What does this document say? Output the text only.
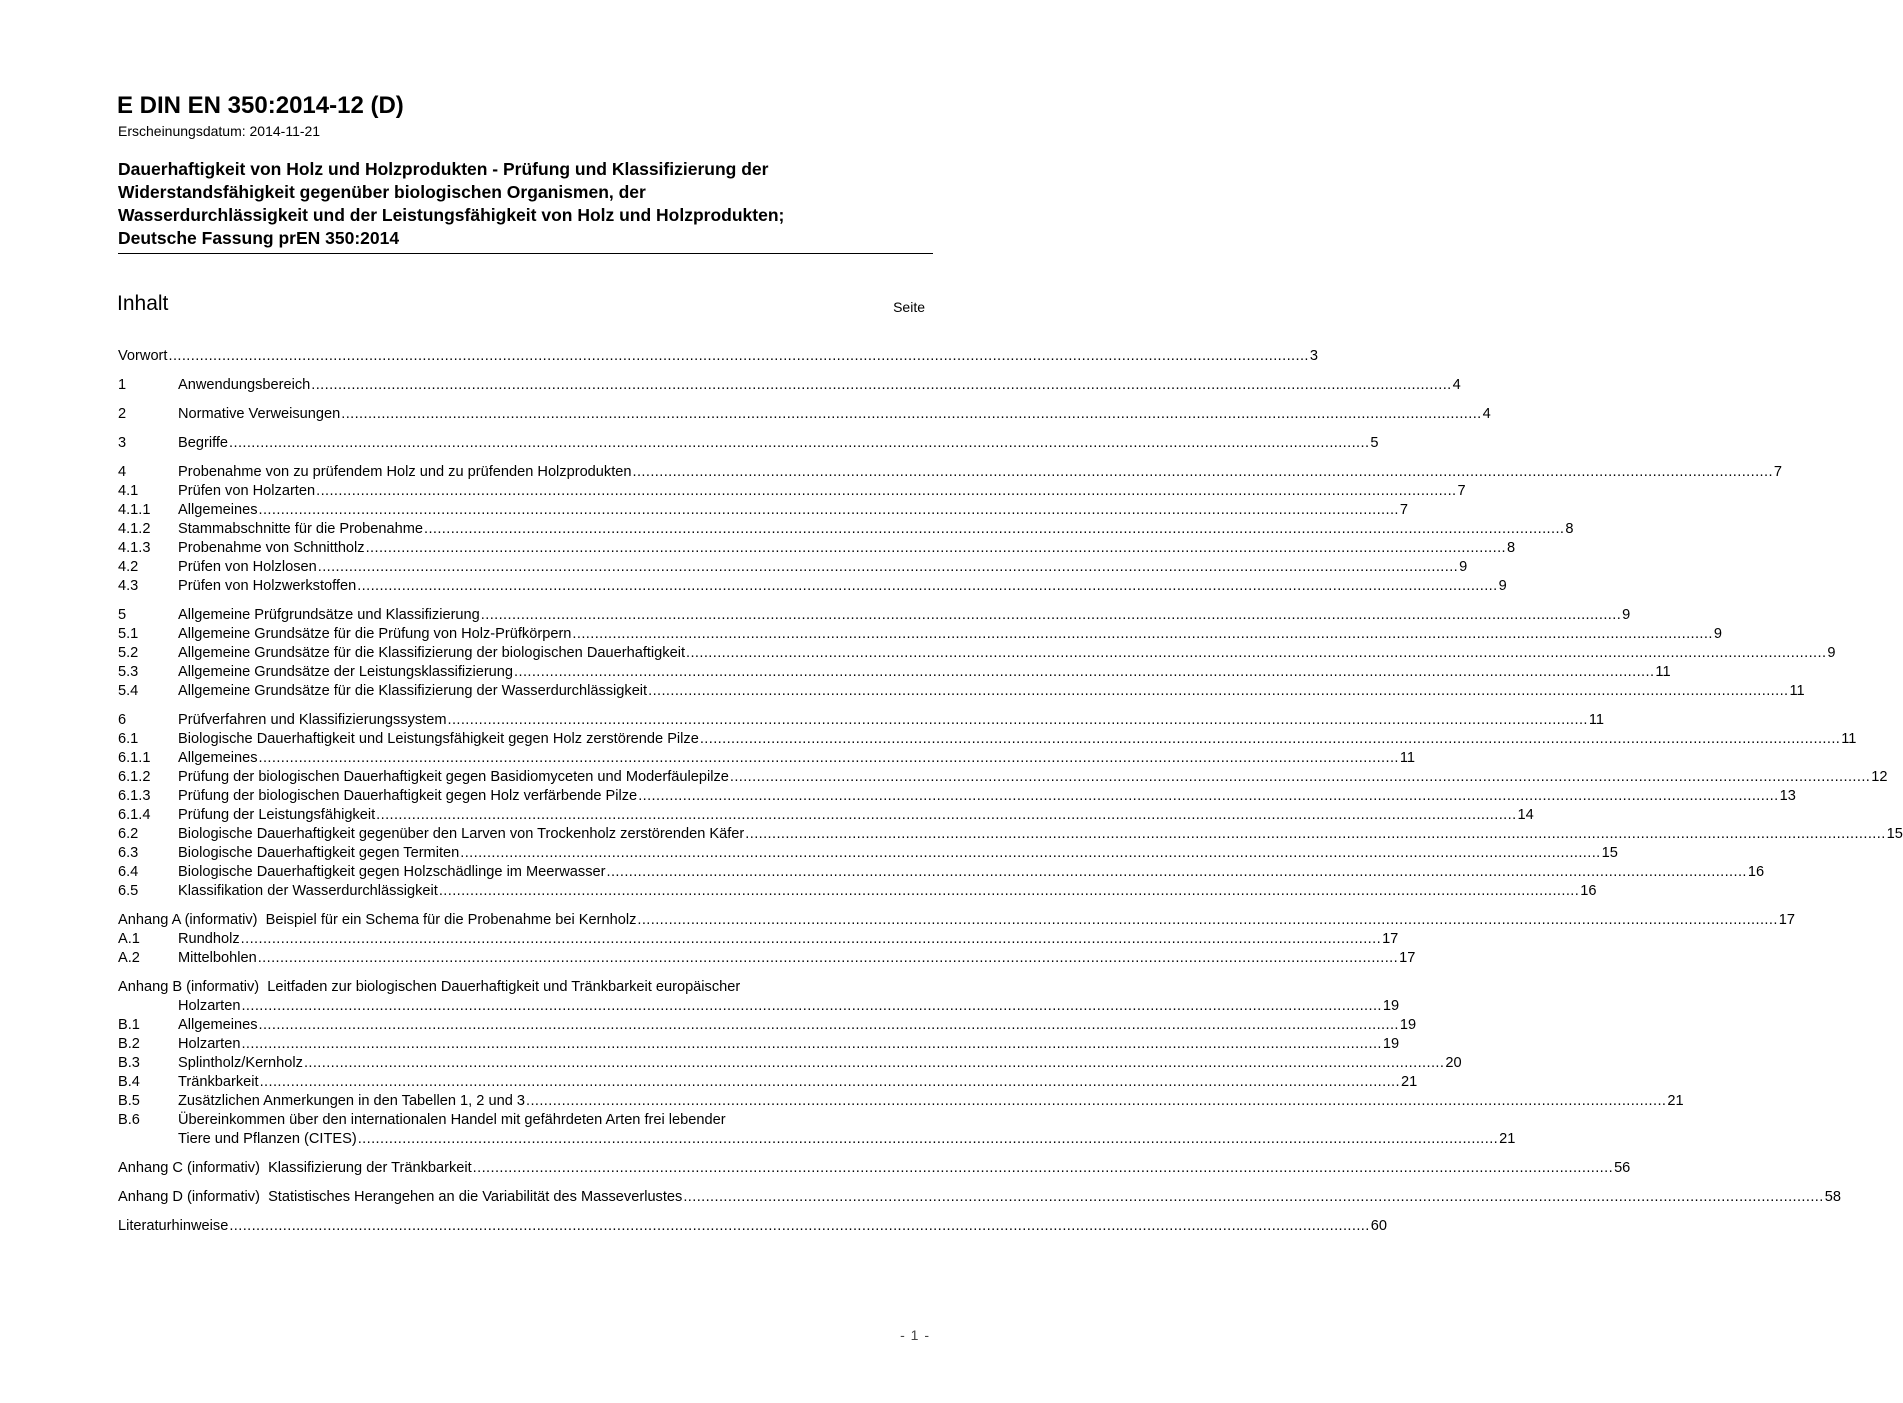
E DIN EN 350:2014-12 (D)
Erscheinungsdatum: 2014-11-21
Dauerhaftigkeit von Holz und Holzprodukten - Prüfung und Klassifizierung der
Widerstandsfähigkeit gegenüber biologischen Organismen, der
Wasserdurchlässigkeit und der Leistungsfähigkeit von Holz und Holzprodukten;
Deutsche Fassung prEN 350:2014
Inhalt	Seite
Vorwort .....	3
1	Anwendungsbereich .....	4
2	Normative Verweisungen .....	4
3	Begriffe .....	5
4	Probenahme von zu prüfendem Holz und zu prüfenden Holzprodukten .....	7
4.1	Prüfen von Holzarten .....	7
4.1.1	Allgemeines .....	7
4.1.2	Stammabschnitte für die Probenahme .....	8
4.1.3	Probenahme von Schnittholz .....	8
4.2	Prüfen von Holzlosen .....	9
4.3	Prüfen von Holzwerkstoffen .....	9
5	Allgemeine Prüfgrundsätze und Klassifizierung .....	9
5.1	Allgemeine Grundsätze für die Prüfung von Holz-Prüfkörpern .....	9
5.2	Allgemeine Grundsätze für die Klassifizierung der biologischen Dauerhaftigkeit .....	9
5.3	Allgemeine Grundsätze der Leistungsklassifizierung .....	11
5.4	Allgemeine Grundsätze für die Klassifizierung der Wasserdurchlässigkeit .....	11
6	Prüfverfahren und Klassifizierungssystem .....	11
6.1	Biologische Dauerhaftigkeit und Leistungsfähigkeit gegen Holz zerstörende Pilze .....	11
6.1.1	Allgemeines .....	11
6.1.2	Prüfung der biologischen Dauerhaftigkeit gegen Basidiomyceten und Moderfäulepilze .....	12
6.1.3	Prüfung der biologischen Dauerhaftigkeit gegen Holz verfärbende Pilze .....	13
6.1.4	Prüfung der Leistungsfähigkeit .....	14
6.2	Biologische Dauerhaftigkeit gegenüber den Larven von Trockenholz zerstörenden Käfer .....	15
6.3	Biologische Dauerhaftigkeit gegen Termiten .....	15
6.4	Biologische Dauerhaftigkeit gegen Holzschädlinge im Meerwasser .....	16
6.5	Klassifikation der Wasserdurchlässigkeit .....	16
Anhang A (informativ) Beispiel für ein Schema für die Probenahme bei Kernholz .....	17
A.1	Rundholz .....	17
A.2	Mittelbohlen .....	17
Anhang B (informativ) Leitfaden zur biologischen Dauerhaftigkeit und Tränkbarkeit europäischer
Holzarten .....	19
B.1	Allgemeines .....	19
B.2	Holzarten .....	19
B.3	Splintholz/Kernholz .....	20
B.4	Tränkbarkeit .....	21
B.5	Zusätzlichen Anmerkungen in den Tabellen 1, 2 und 3 .....	21
B.6	Übereinkommen über den internationalen Handel mit gefährdeten Arten frei lebender
Tiere und Pflanzen (CITES) .....	21
Anhang C (informativ) Klassifizierung der Tränkbarkeit .....	56
Anhang D (informativ) Statistisches Herangehen an die Variabilität des Masseverlustes .....	58
Literaturhinweise .....	60
- 1 -
